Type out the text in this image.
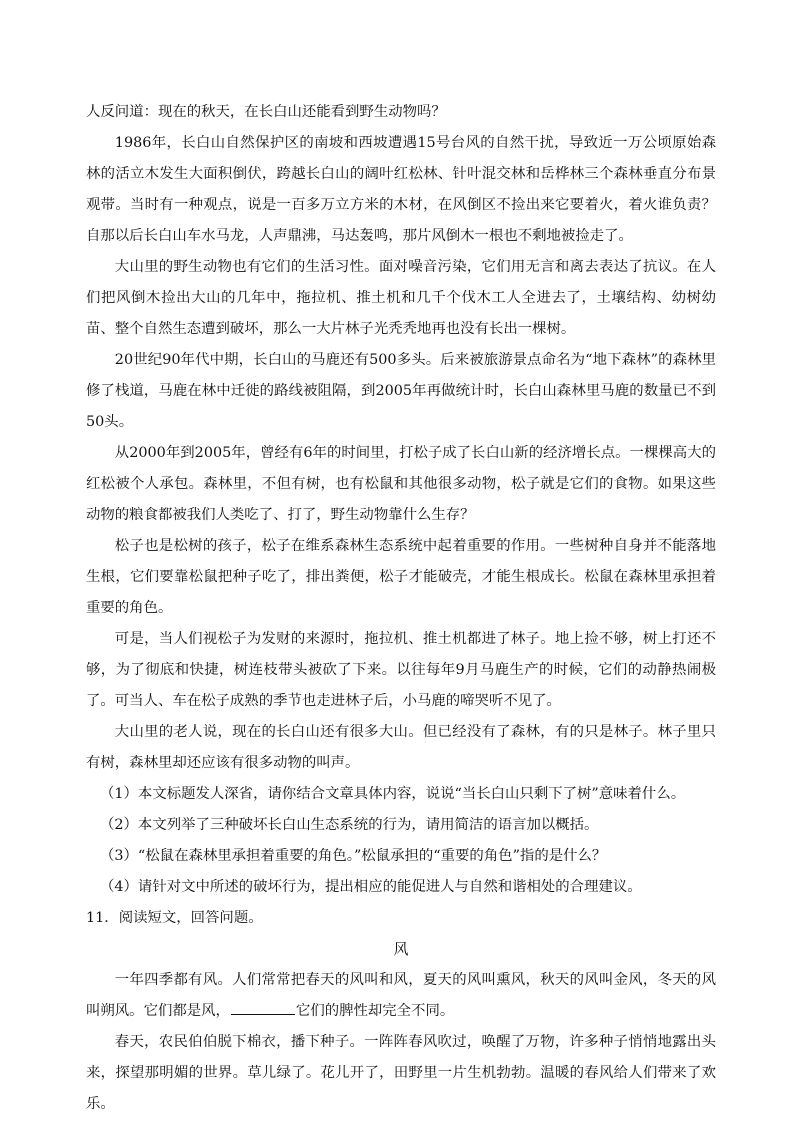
人反问道：现在的秋天，在长白山还能看到野生动物吗？

1986年，长白山自然保护区的南坡和西坡遭遇15号台风的自然干扰，导致近一万公顷原始森林的活立木发生大面积倒伏，跨越长白山的阔叶红松林、针叶混交林和岳桦林三个森林垂直分布景观带。当时有一种观点，说是一百多万立方米的木材，在风倒区不捡出来它要着火，着火谁负责？自那以后长白山车水马龙，人声鼎沸，马达轰鸣，那片风倒木一根也不剩地被捡走了。

大山里的野生动物也有它们的生活习性。面对噪音污染，它们用无言和离去表达了抗议。在人们把风倒木捡出大山的几年中，拖拉机、推土机和几千个伐木工人全进去了，土壤结构、幼树幼苗、整个自然生态遭到破坏，那么一大片林子光秃秃地再也没有长出一棵树。

20世纪90年代中期，长白山的马鹿还有500多头。后来被旅游景点命名为“地下森林”的森林里修了栈道，马鹿在林中迁徙的路线被阻隔，到2005年再做统计时，长白山森林里马鹿的数量已不到50头。

从2000年到2005年，曾经有6年的时间里，打松子成了长白山新的经济增长点。一棵棵高大的红松被个人承包。森林里，不但有树，也有松鼠和其他很多动物，松子就是它们的食物。如果这些动物的粮食都被我们人类吃了、打了，野生动物靠什么生存？

松子也是松树的孩子，松子在维系森林生态系统中起着重要的作用。一些树种自身并不能落地生根，它们要靠松鼠把种子吃了，排出粪便，松子才能破壳，才能生根成长。松鼠在森林里承担着重要的角色。

可是，当人们视松子为发财的来源时，拖拉机、推土机都进了林子。地上捡不够，树上打还不够，为了彻底和快捷，树连枝带头被砍了下来。以往每年9月马鹿生产的时候，它们的动静热闹极了。可当人、车在松子成熟的季节也走进林子后，小马鹿的啼哭听不见了。

大山里的老人说，现在的长白山还有很多大山。但已经没有了森林，有的只是林子。林子里只有树，森林里却还应该有很多动物的叫声。

（1）本文标题发人深省，请你结合文章具体内容，说说“当长白山只剩下了树”意味着什么。

（2）本文列举了三种破坏长白山生态系统的行为，请用简洁的语言加以概括。

（3）“松鼠在森林里承担着重要的角色。”松鼠承担的“重要的角色”指的是什么？

（4）请针对文中所述的破坏行为，提出相应的能促进人与自然和谐相处的合理建议。

11．阅读短文，回答问题。

风

一年四季都有风。人们常常把春天的风叫和风，夏天的风叫熏风，秋天的风叫金风，冬天的风叫朔风。它们都是风，	它们的脾性却完全不同。

春天，农民伯伯脱下棉衣，播下种子。一阵阵春风吹过，唤醒了万物，许多种子悄悄地露出头来，探望那明媚的世界。草儿绿了。花儿开了，田野里一片生机勃勃。温暖的春风给人们带来了欢乐。
